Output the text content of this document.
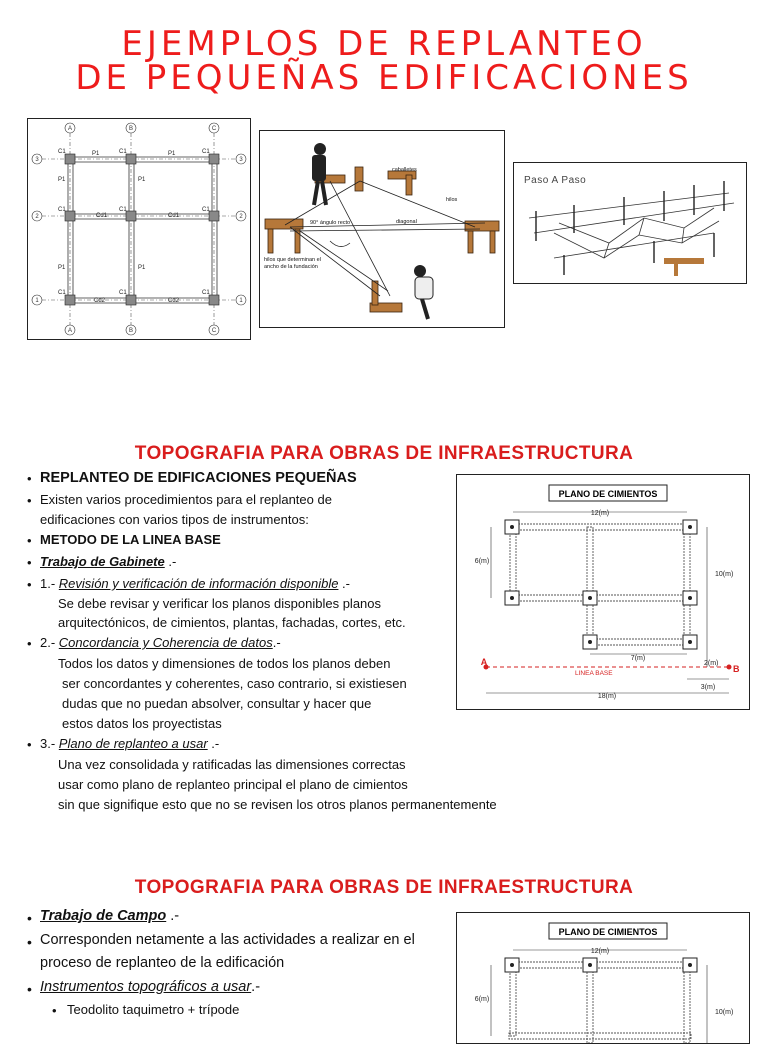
EJEMPLOS DE REPLANTEO
DE PEQUEÑAS EDIFICACIONES
C1	C1	C1
C1	C1	C1
C1	C1	C1
P1	P1
Cd1	Cd1
Cd2	Cd2
P1
P1
P1
P1
A	B	C
A	B	C
3
2
1
3
2
1
caballetes
hilos
90° ángulo recto	diagonal
hilos que determinan el
ancho de la fundación
Paso A Paso
TOPOGRAFIA PARA OBRAS DE INFRAESTRUCTURA
• REPLANTEO DE EDIFICACIONES PEQUEÑAS
• Existen varios procedimientos para el replanteo de
edificaciones con varios tipos de instrumentos:
• METODO DE LA LINEA BASE
• Trabajo de Gabinete .-
• 1.- Revisión y verificación de información disponible .-
Se debe revisar y verificar los planos disponibles planos
arquitectónicos, de cimientos, plantas, fachadas, cortes, etc.
• 2.- Concordancia y Coherencia de datos.-
Todos los datos y dimensiones de todos los planos deben
ser concordantes y coherentes, caso contrario, si existiesen
dudas que no puedan absolver, consultar y hacer que
estos datos los proyectistas
• 3.- Plano de replanteo a usar .-
Una vez consolidada y ratificadas las dimensiones correctas
usar como plano de replanteo principal el plano de cimientos
sin que signifique esto que no se revisen los otros planos permanentemente
PLANO DE CIMIENTOS
12(m)
6(m)
10(m)
7(m)
2(m)
3(m)
18(m)
A
B
LINEA BASE
TOPOGRAFIA PARA OBRAS DE INFRAESTRUCTURA
• Trabajo de Campo .-
• Corresponden netamente a las actividades a realizar en el
proceso de replanteo de la edificación
• Instrumentos topográficos a usar.-
• Teodolito taquimetro + trípode
PLANO DE CIMIENTOS
12(m)
6(m)
10(m)
